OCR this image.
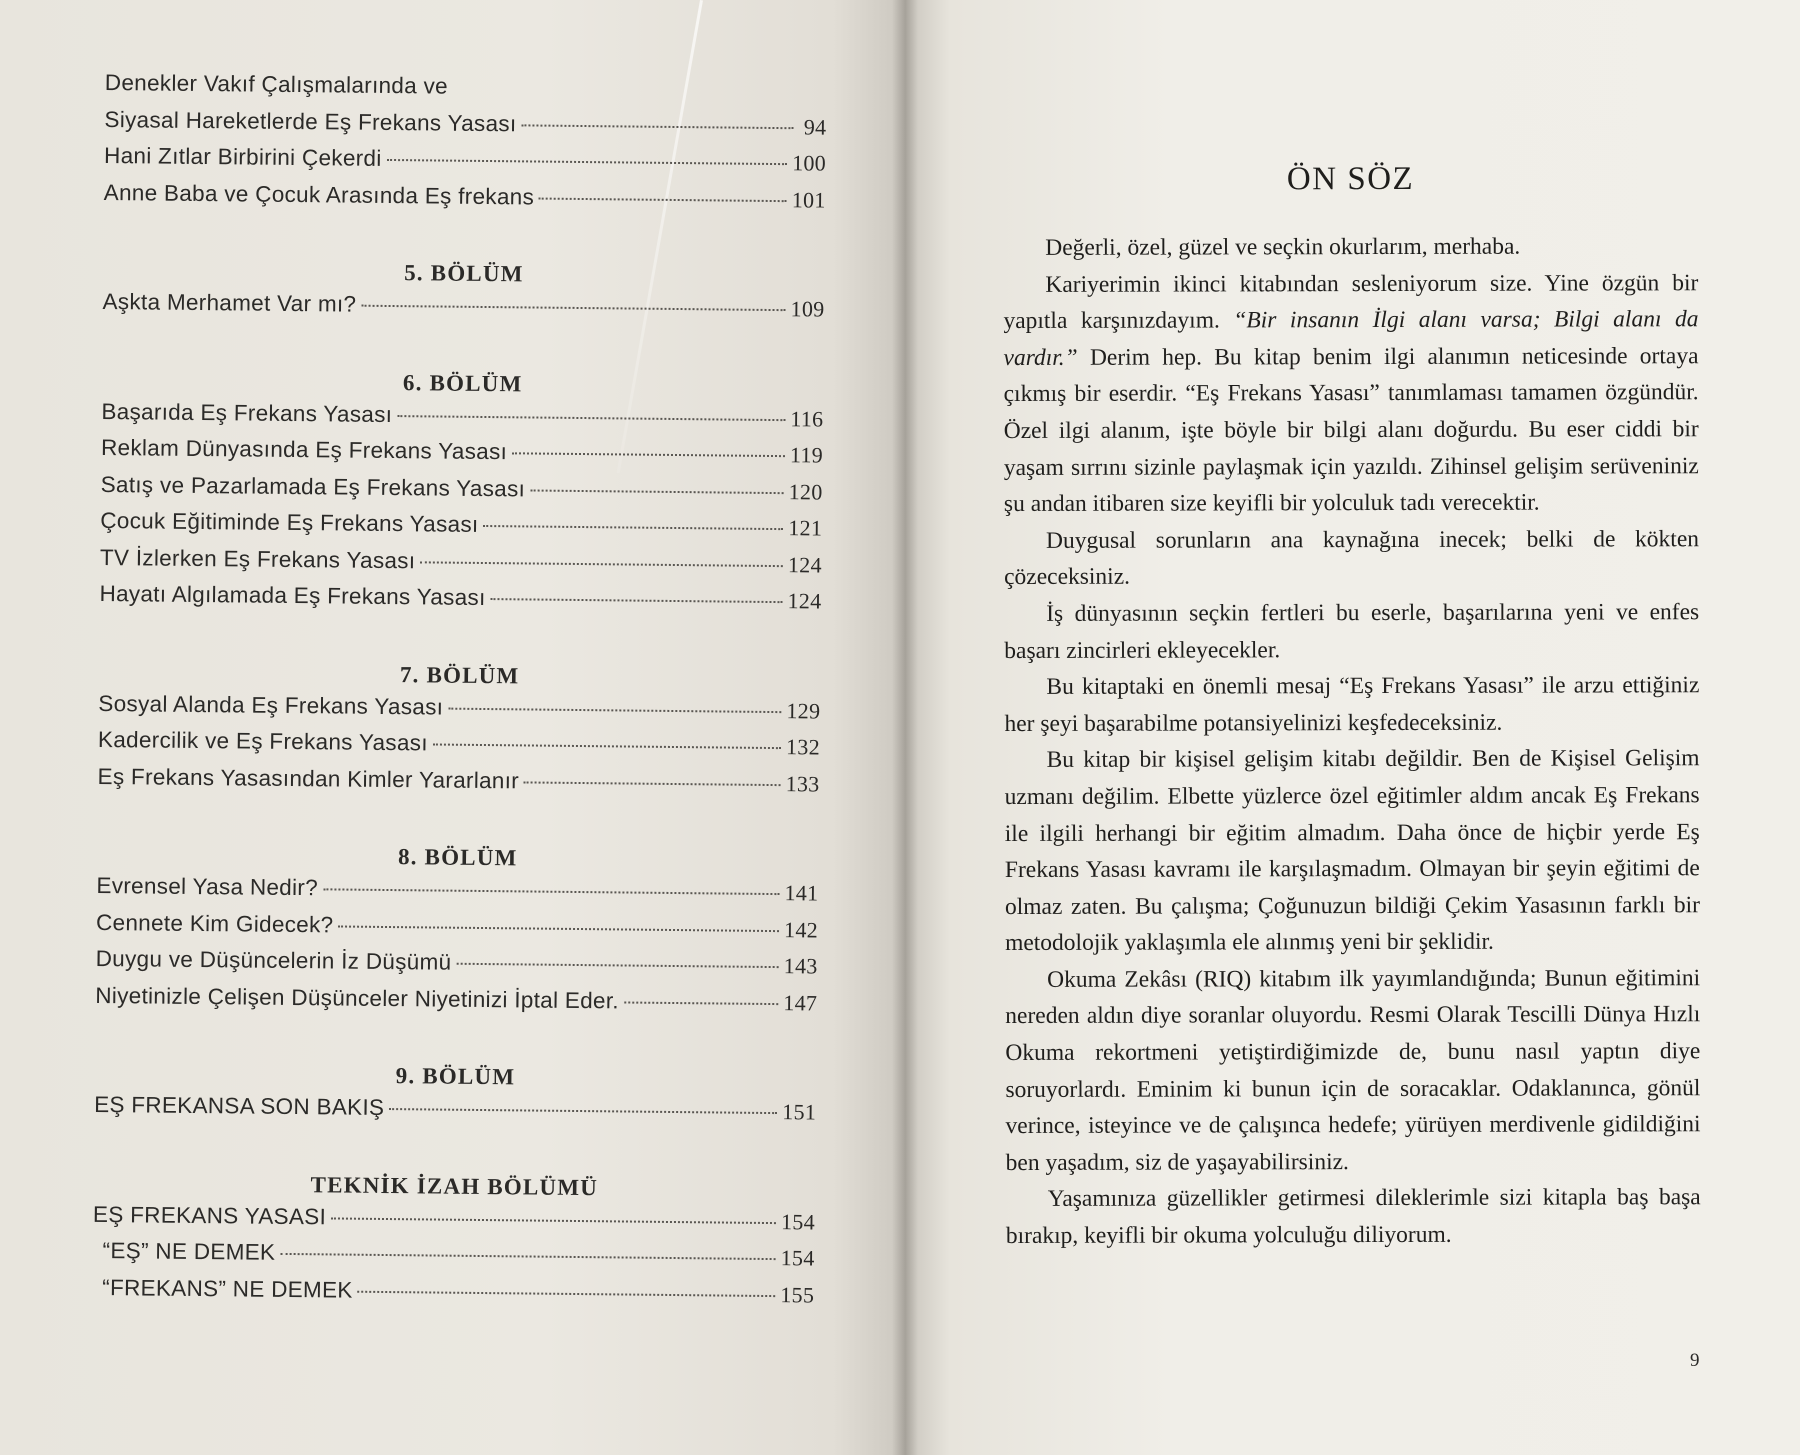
Denekler Vakıf Çalışmalarında ve
Siyasal Hareketlerde Eş Frekans Yasası	94
Hani Zıtlar Birbirini Çekerdi	100
Anne Baba ve Çocuk Arasında Eş frekans	101
5. BÖLÜM
Aşkta Merhamet Var mı?	109
6. BÖLÜM
Başarıda Eş Frekans Yasası	116
Reklam Dünyasında Eş Frekans Yasası	119
Satış ve Pazarlamada Eş Frekans Yasası	120
Çocuk Eğitiminde Eş Frekans Yasası	121
TV İzlerken Eş Frekans Yasası	124
Hayatı Algılamada Eş Frekans Yasası	124
7. BÖLÜM
Sosyal Alanda Eş Frekans Yasası	129
Kadercilik ve Eş Frekans Yasası	132
Eş Frekans Yasasından Kimler Yararlanır	133
8. BÖLÜM
Evrensel Yasa Nedir?	141
Cennete Kim Gidecek?	142
Duygu ve Düşüncelerin İz Düşümü	143
Niyetinizle Çelişen Düşünceler Niyetinizi İptal Eder.	147
9. BÖLÜM
EŞ FREKANSA SON BAKIŞ	151
TEKNİK İZAH BÖLÜMÜ
EŞ FREKANS YASASI	154
“EŞ” NE DEMEK	154
“FREKANS” NE DEMEK	155
ÖN SÖZ

Değerli, özel, güzel ve seçkin okurlarım, merhaba.

Kariyerimin ikinci kitabından sesleniyorum size. Yine özgün bir yapıtla karşınızdayım. “Bir insanın İlgi alanı varsa; Bilgi alanı da vardır.” Derim hep. Bu kitap benim ilgi alanımın neticesinde ortaya çıkmış bir eserdir. “Eş Frekans Yasası” tanımlaması tamamen özgündür. Özel ilgi alanım, işte böyle bir bilgi alanı doğurdu. Bu eser ciddi bir yaşam sırrını sizinle paylaşmak için yazıldı. Zihinsel gelişim serüveniniz şu andan itibaren size keyifli bir yolculuk tadı verecektir.

Duygusal sorunların ana kaynağına inecek; belki de kökten çözeceksiniz.

İş dünyasının seçkin fertleri bu eserle, başarılarına yeni ve enfes başarı zincirleri ekleyecekler.

Bu kitaptaki en önemli mesaj “Eş Frekans Yasası” ile arzu ettiğiniz her şeyi başarabilme potansiyelinizi keşfedeceksiniz.

Bu kitap bir kişisel gelişim kitabı değildir. Ben de Kişisel Gelişim uzmanı değilim. Elbette yüzlerce özel eğitimler aldım ancak Eş Frekans ile ilgili herhangi bir eğitim almadım. Daha önce de hiçbir yerde Eş Frekans Yasası kavramı ile karşılaşmadım. Olmayan bir şeyin eğitimi de olmaz zaten. Bu çalışma; Çoğunuzun bildiği Çekim Yasasının farklı bir metodolojik yaklaşımla ele alınmış yeni bir şeklidir.

Okuma Zekâsı (RIQ) kitabım ilk yayımlandığında; Bunun eğitimini nereden aldın diye soranlar oluyordu. Resmi Olarak Tescilli Dünya Hızlı Okuma rekortmeni yetiştirdiğimizde de, bunu nasıl yaptın diye soruyorlardı. Eminim ki bunun için de soracaklar. Odaklanınca, gönül verince, isteyince ve de çalışınca hedefe; yürüyen merdivenle gidildiğini ben yaşadım, siz de yaşayabilirsiniz.

Yaşamınıza güzellikler getirmesi dileklerimle sizi kitapla baş başa bırakıp, keyifli bir okuma yolculuğu diliyorum.

9
